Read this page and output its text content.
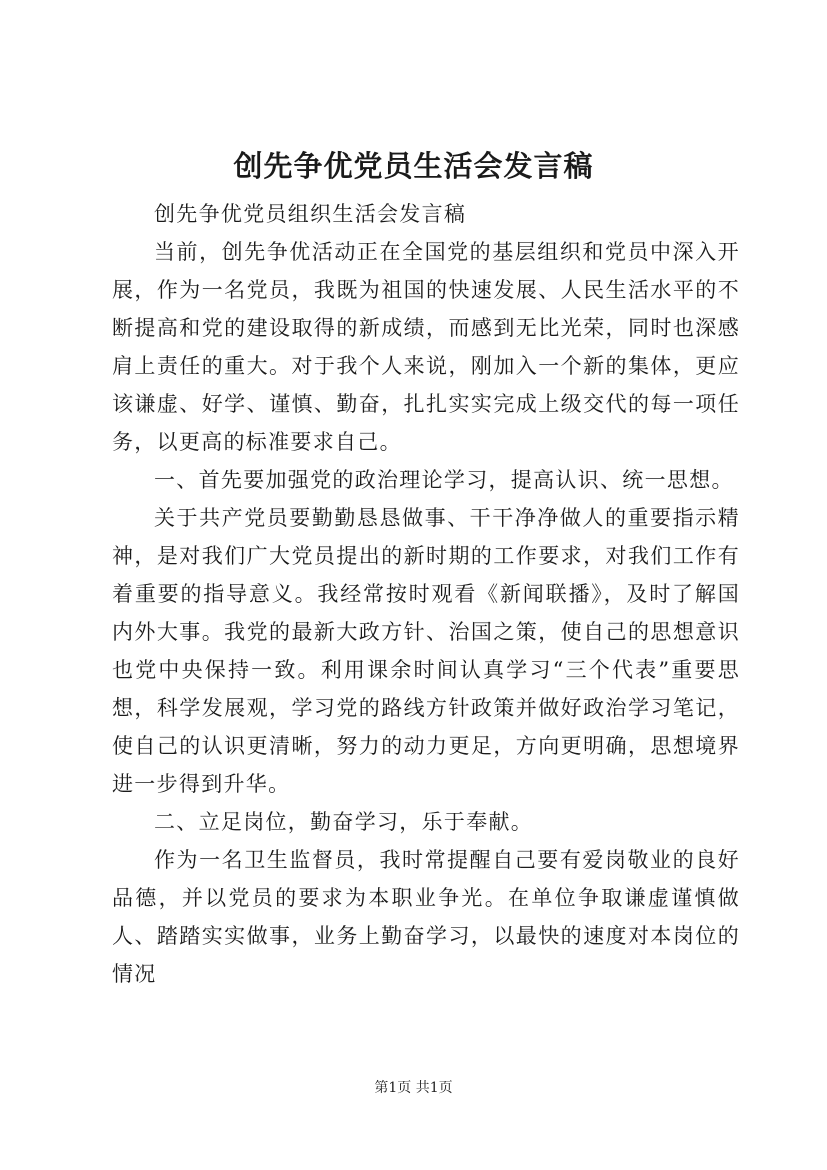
创先争优党员生活会发言稿

创先争优党员组织生活会发言稿

当前，创先争优活动正在全国党的基层组织和党员中深入开展，作为一名党员，我既为祖国的快速发展、人民生活水平的不断提高和党的建设取得的新成绩，而感到无比光荣，同时也深感肩上责任的重大。对于我个人来说，刚加入一个新的集体，更应该谦虚、好学、谨慎、勤奋，扎扎实实完成上级交代的每一项任务，以更高的标准要求自己。

一、首先要加强党的政治理论学习，提高认识、统一思想。

关于共产党员要勤勤恳恳做事、干干净净做人的重要指示精神，是对我们广大党员提出的新时期的工作要求，对我们工作有着重要的指导意义。我经常按时观看《新闻联播》，及时了解国内外大事。我党的最新大政方针、治国之策，使自己的思想意识也党中央保持一致。利用课余时间认真学习“三个代表”重要思想，科学发展观，学习党的路线方针政策并做好政治学习笔记，使自己的认识更清晰，努力的动力更足，方向更明确，思想境界进一步得到升华。

二、立足岗位，勤奋学习，乐于奉献。

作为一名卫生监督员，我时常提醒自己要有爱岗敬业的良好品德，并以党员的要求为本职业争光。在单位争取谦虚谨慎做人、踏踏实实做事，业务上勤奋学习，以最快的速度对本岗位的情况

第1页 共1页
